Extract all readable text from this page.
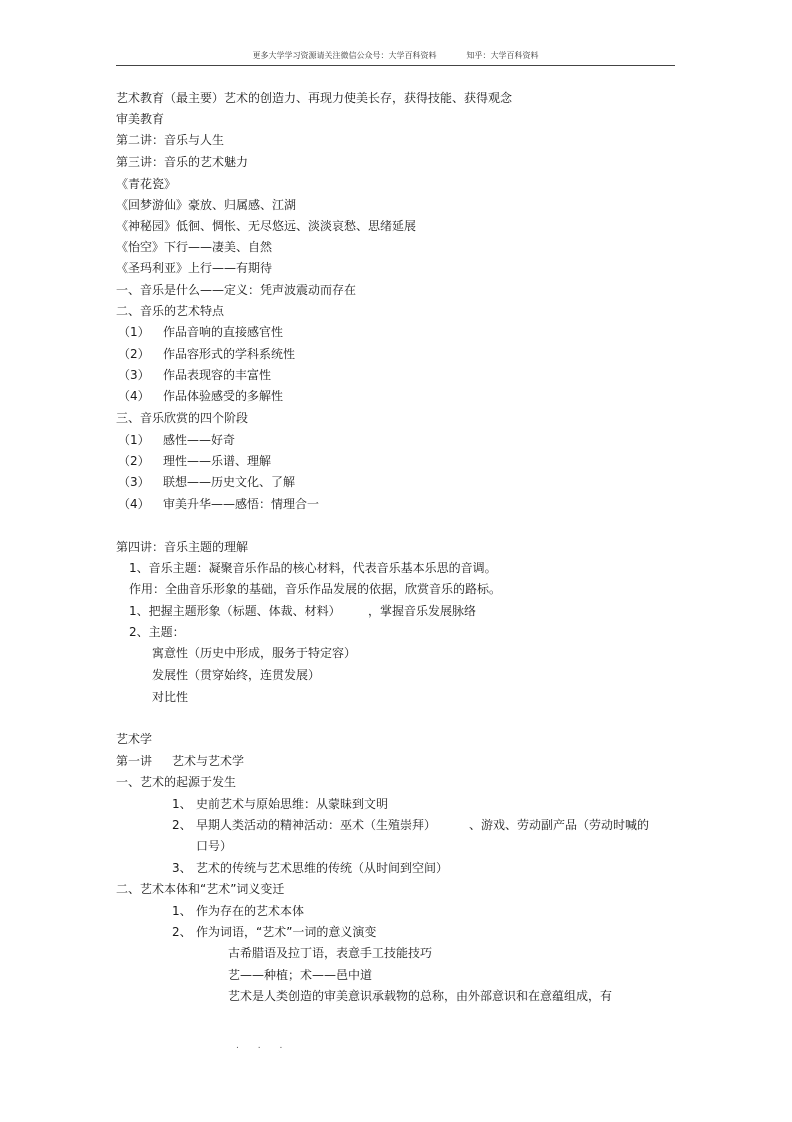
更多大学学习资源请关注微信公众号：大学百科资料	知乎：大学百科资料
艺术教育（最主要）艺术的创造力、再现力使美长存，获得技能、获得观念
审美教育
第二讲：音乐与人生
第三讲：音乐的艺术魅力
《青花瓷》
《回梦游仙》豪放、归属感、江湖
《神秘园》低徊、惆怅、无尽悠远、淡淡哀愁、思绪延展
《怡空》下行——凄美、自然
《圣玛利亚》上行——有期待
一、音乐是什么——定义：凭声波震动而存在
二、音乐的艺术特点
（1） 作品音响的直接感官性
（2） 作品容形式的学科系统性
（3） 作品表现容的丰富性
（4） 作品体验感受的多解性
三、音乐欣赏的四个阶段
（1） 感性——好奇
（2） 理性——乐谱、理解
（3） 联想——历史文化、了解
（4） 审美升华——感悟：情理合一
第四讲：音乐主题的理解
1、音乐主题：凝聚音乐作品的核心材料，代表音乐基本乐思的音调。
作用：全曲音乐形象的基础，音乐作品发展的依据，欣赏音乐的路标。
1、把握主题形象（标题、体裁、材料） ，掌握音乐发展脉络
2、主题：
寓意性（历史中形成，服务于特定容）
发展性（贯穿始终，连贯发展）
对比性
艺术学
第一讲 艺术与艺术学
一、艺术的起源于发生
1、 史前艺术与原始思维：从蒙昧到文明
2、 早期人类活动的精神活动：巫术（生殖崇拜）	、游戏、劳动副产品（劳动时喊的
口号）
3、 艺术的传统与艺术思维的传统（从时间到空间）
二、艺术本体和“艺术”词义变迁
1、 作为存在的艺术本体
2、 作为词语，“艺术”一词的意义演变
古希腊语及拉丁语，表意手工技能技巧
艺——种植；术——邑中道
艺术是人类创造的审美意识承载物的总称，由外部意识和在意蕴组成，有
. . .
